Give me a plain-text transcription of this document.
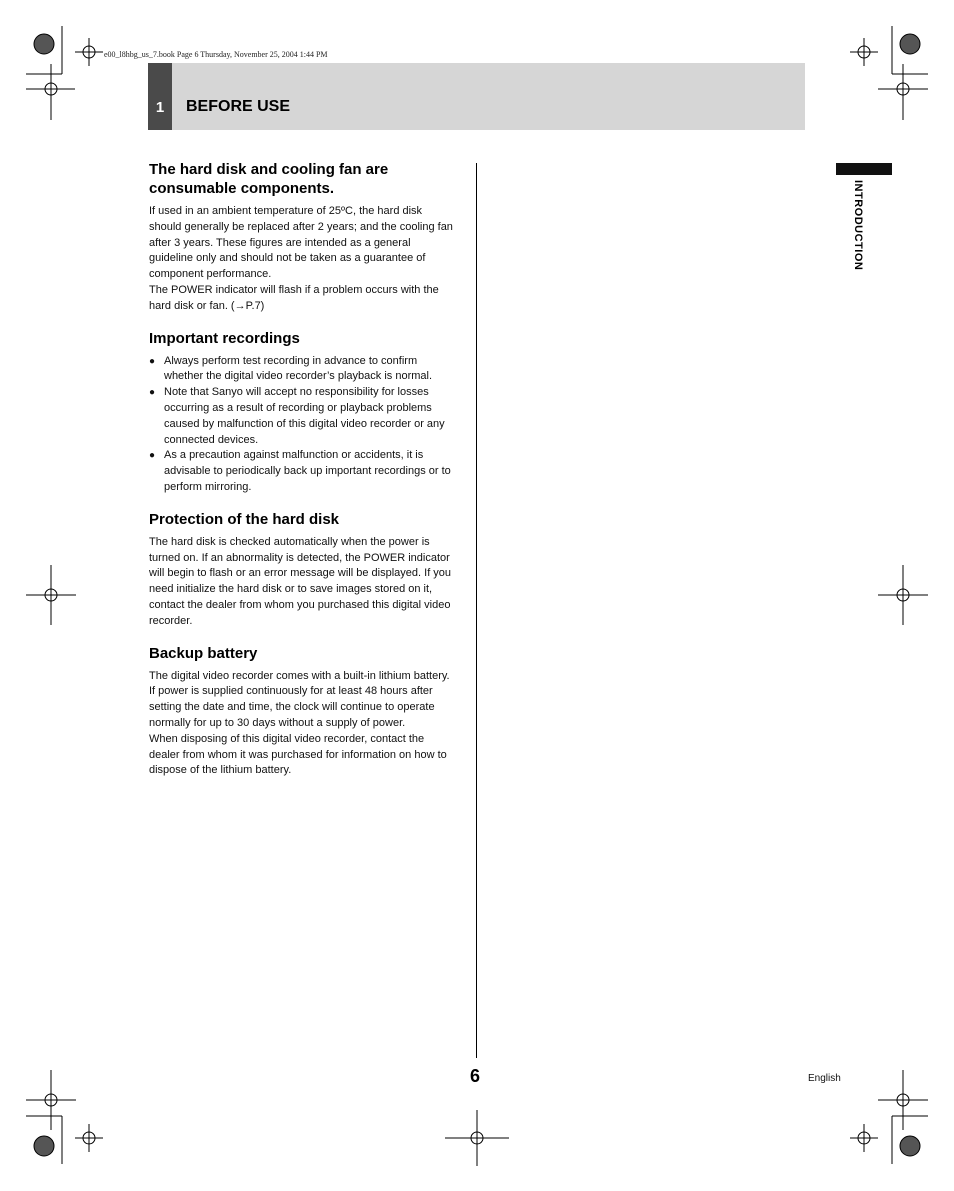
e00_l8hbg_us_7.book Page 6 Thursday, November 25, 2004 1:44 PM
1	BEFORE USE
INTRODUCTION
The hard disk and cooling fan are consumable components.

If used in an ambient temperature of 25ºC, the hard disk should generally be replaced after 2 years; and the cooling fan after 3 years. These figures are intended as a general guideline only and should not be taken as a guarantee of component performance.

The POWER indicator will flash if a problem occurs with the hard disk or fan. (→P.7)

Important recordings
● Always perform test recording in advance to confirm whether the digital video recorder’s playback is normal.
● Note that Sanyo will accept no responsibility for losses occurring as a result of recording or playback problems caused by malfunction of this digital video recorder or any connected devices.
● As a precaution against malfunction or accidents, it is advisable to periodically back up important recordings or to perform mirroring.
Protection of the hard disk

The hard disk is checked automatically when the power is turned on. If an abnormality is detected, the POWER indicator will begin to flash or an error message will be displayed. If you need initialize the hard disk or to save images stored on it, contact the dealer from whom you purchased this digital video recorder.

Backup battery

The digital video recorder comes with a built-in lithium battery. If power is supplied continuously for at least 48 hours after setting the date and time, the clock will continue to operate normally for up to 30 days without a supply of power.

When disposing of this digital video recorder, contact the dealer from whom it was purchased for information on how to dispose of the lithium battery.

6	English
